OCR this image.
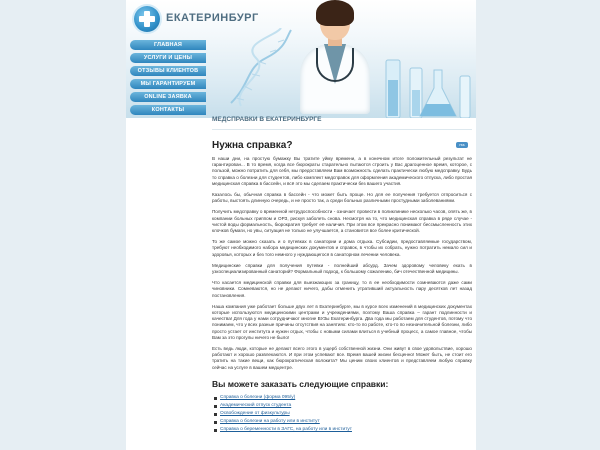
ЕКАТЕРИНБУРГ
ГЛАВНАЯ
УСЛУГИ И ЦЕНЫ
ОТЗЫВЫ КЛИЕНТОВ
МЫ ГАРАНТИРУЕМ
ONLINE ЗАЯВКА
КОНТАКТЫ
МЕДСПРАВКИ В ЕКАТЕРИНБУРГЕ
rss
Нужна справка?

В наши дни, на простую бумажку Вы тратите уйму времени, а в конечном итоге положительный результат не гарантирован... В то время, когда все бюрократы старательно пытаются строить у Вас драгоценное время, которое, с пользой, можно потратить для себя, мы предоставляем Вам возможность сделать практически любую медсправку. Будь то справка о болезни для студентов, либо комплект медсправок для оформления академического отпуска, либо простая медицинская справка в бассейн, и всё это мы сделаем практически без вашего участия.

Казалось бы, обычная справка в бассейн - что может быть проще. Но для ее получения требуется отпроситься с работы, выстоять длинную очередь, и не просто так, а среди больных различными простудными заболеваниями.

Получить медсправку о временной нетрудоспособности - означает провести в поликлинике несколько часов, опять же, в компании больных гриппом и ОРЗ, рискуя заболеть снова. Несмотря на то, что медицинская справка в ряде случае - чистой воды формальность, бюрократия требует её наличия. При этом все прекрасно понимают бессмысленность этих клочков бумаги, но увы, ситуация не только не улучшается, а становится все более критической.

То же самое можно сказать и о путевках в санатории и дома отдыха. Субсидии, предоставляемые государством, требуют необходимого набора медицинских документов и справок, в чтобы их собрать, нужно потратить немало сил и здоровья, которых и без того немного у нуждающегося в санаторном лечении человека.

Медицинские справки для получения путевки - полнейший абсурд. Зачем здоровому человеку ехать в узкоспециализированный санаторий? Формальный подход, к большому сожалению, бич отечественной медицины.

Что касается медицинской справки для выезжающих за границу, то в ее необходимости сомневаются даже сами чиновники. Сомневаются, но не делают ничего, дабы отменить утративший актуальность пару десятков лет назад постановления.

Наша компания уже работает больше двух лет в Екатеринбурге, мы в курсе всех изменений в медицинских документах которые используются медицинскими центрами и учреждениями, поэтому Ваша справка – гарант подлинности и качества! Для года у нами сотрудничают многие ВУЗы Екатеринбурга. Два года мы работаем для студентов, потому что понимаем, что у всех разные причины отсутствия на занятиях: кто-то по работе, кто-то по незначительной болезни, либо просто устает от института и нужен отдых, чтобы с новыми силами влиться в учебный процесс, а самое главное, чтобы Вам за это прогулы ничего не было!

Есть ведь люди, которые не делают всего этого в ущерб собственной жизни. Они живут в свое удовольствие, хорошо работают и хорошо развлекаются. И при этом успевают все. Время вашей жизни бесценно! Может быть, не стоит его тратить на такие вещи, как бюрократическая волокита? Мы ценим своих клиентов и представляем любую справку сейчас на услуге в вашем медцентре.

Вы можете заказать следующие справки:
Справка о болезни (форма 095/у)
Академический отпуск студента
Освобождение от физкультуры
Справка о болезни на работу или в институт
Справка о беременности в ЗАГС, на работу или в институт
